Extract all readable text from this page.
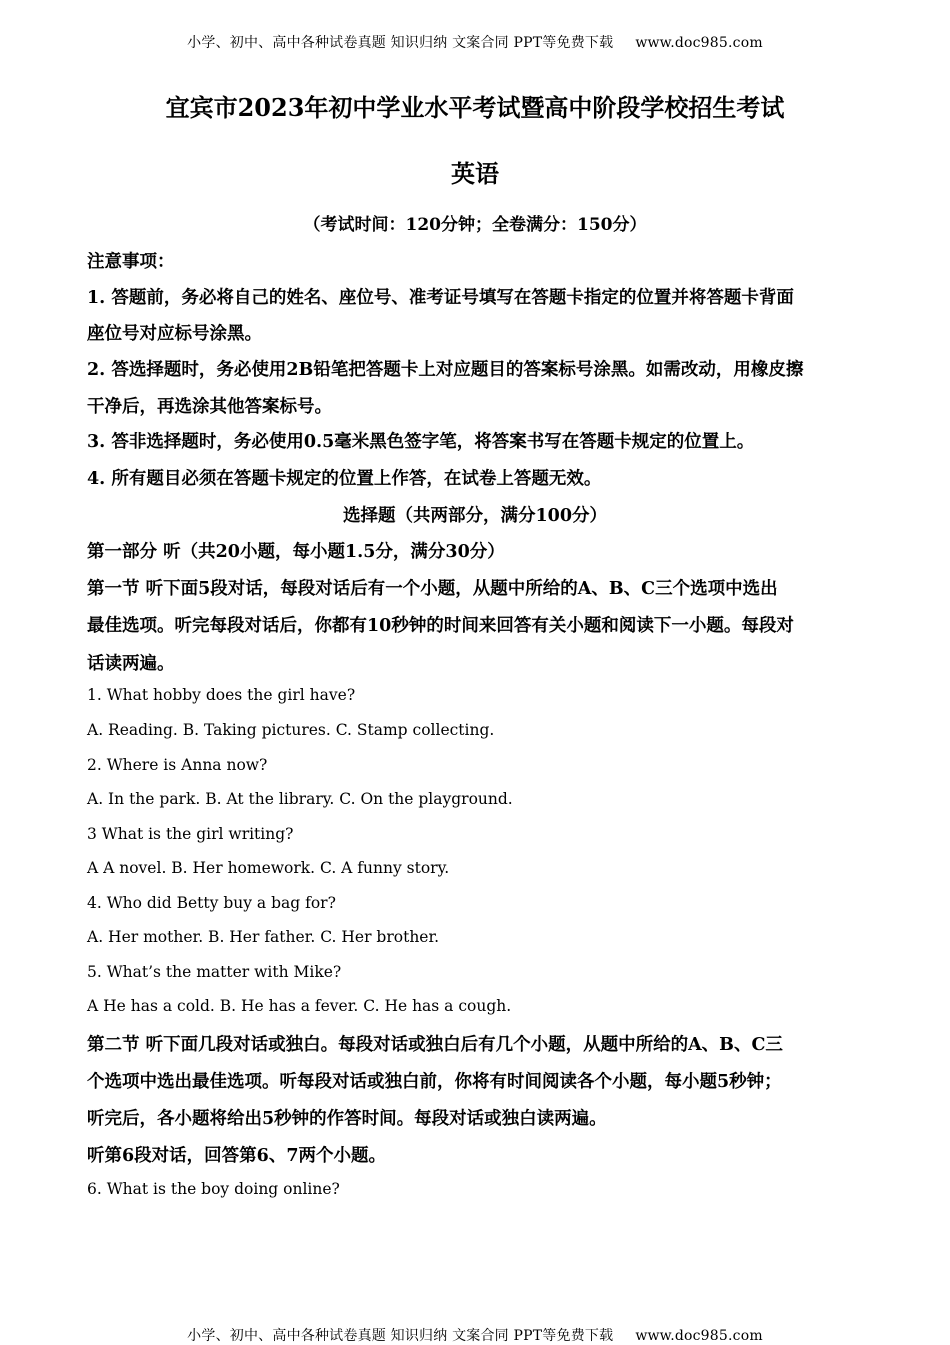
小学、初中、高中各种试卷真题 知识归纳 文案合同 PPT等免费下载 www.doc985.com
宜宾市2023年初中学业水平考试暨高中阶段学校招生考试
英语
（考试时间：120分钟；全卷满分：150分）
注意事项：
1. 答题前，务必将自己的姓名、座位号、准考证号填写在答题卡指定的位置并将答题卡背面
座位号对应标号涂黑。
2. 答选择题时，务必使用2B铅笔把答题卡上对应题目的答案标号涂黑。如需改动，用橡皮擦
干净后，再选涂其他答案标号。
3. 答非选择题时，务必使用0.5毫米黑色签字笔，将答案书写在答题卡规定的位置上。
4. 所有题目必须在答题卡规定的位置上作答，在试卷上答题无效。
选择题（共两部分，满分100分）
第一部分 听（共20小题，每小题1.5分，满分30分）
第一节 听下面5段对话，每段对话后有一个小题，从题中所给的A、B、C三个选项中选出
最佳选项。听完每段对话后，你都有10秒钟的时间来回答有关小题和阅读下一小题。每段对
话读两遍。
1. What hobby does the girl have?
A. Reading. B. Taking pictures. C. Stamp collecting.
2. Where is Anna now?
A. In the park. B. At the library. C. On the playground.
3 What is the girl writing?
A A novel. B. Her homework. C. A funny story.
4. Who did Betty buy a bag for?
A. Her mother. B. Her father. C. Her brother.
5. What’s the matter with Mike?
A He has a cold. B. He has a fever. C. He has a cough.
第二节 听下面几段对话或独白。每段对话或独白后有几个小题，从题中所给的A、B、C三
个选项中选出最佳选项。听每段对话或独白前，你将有时间阅读各个小题，每小题5秒钟；
听完后，各小题将给出5秒钟的作答时间。每段对话或独白读两遍。
听第6段对话，回答第6、7两个小题。
6. What is the boy doing online?
小学、初中、高中各种试卷真题 知识归纳 文案合同 PPT等免费下载 www.doc985.com
